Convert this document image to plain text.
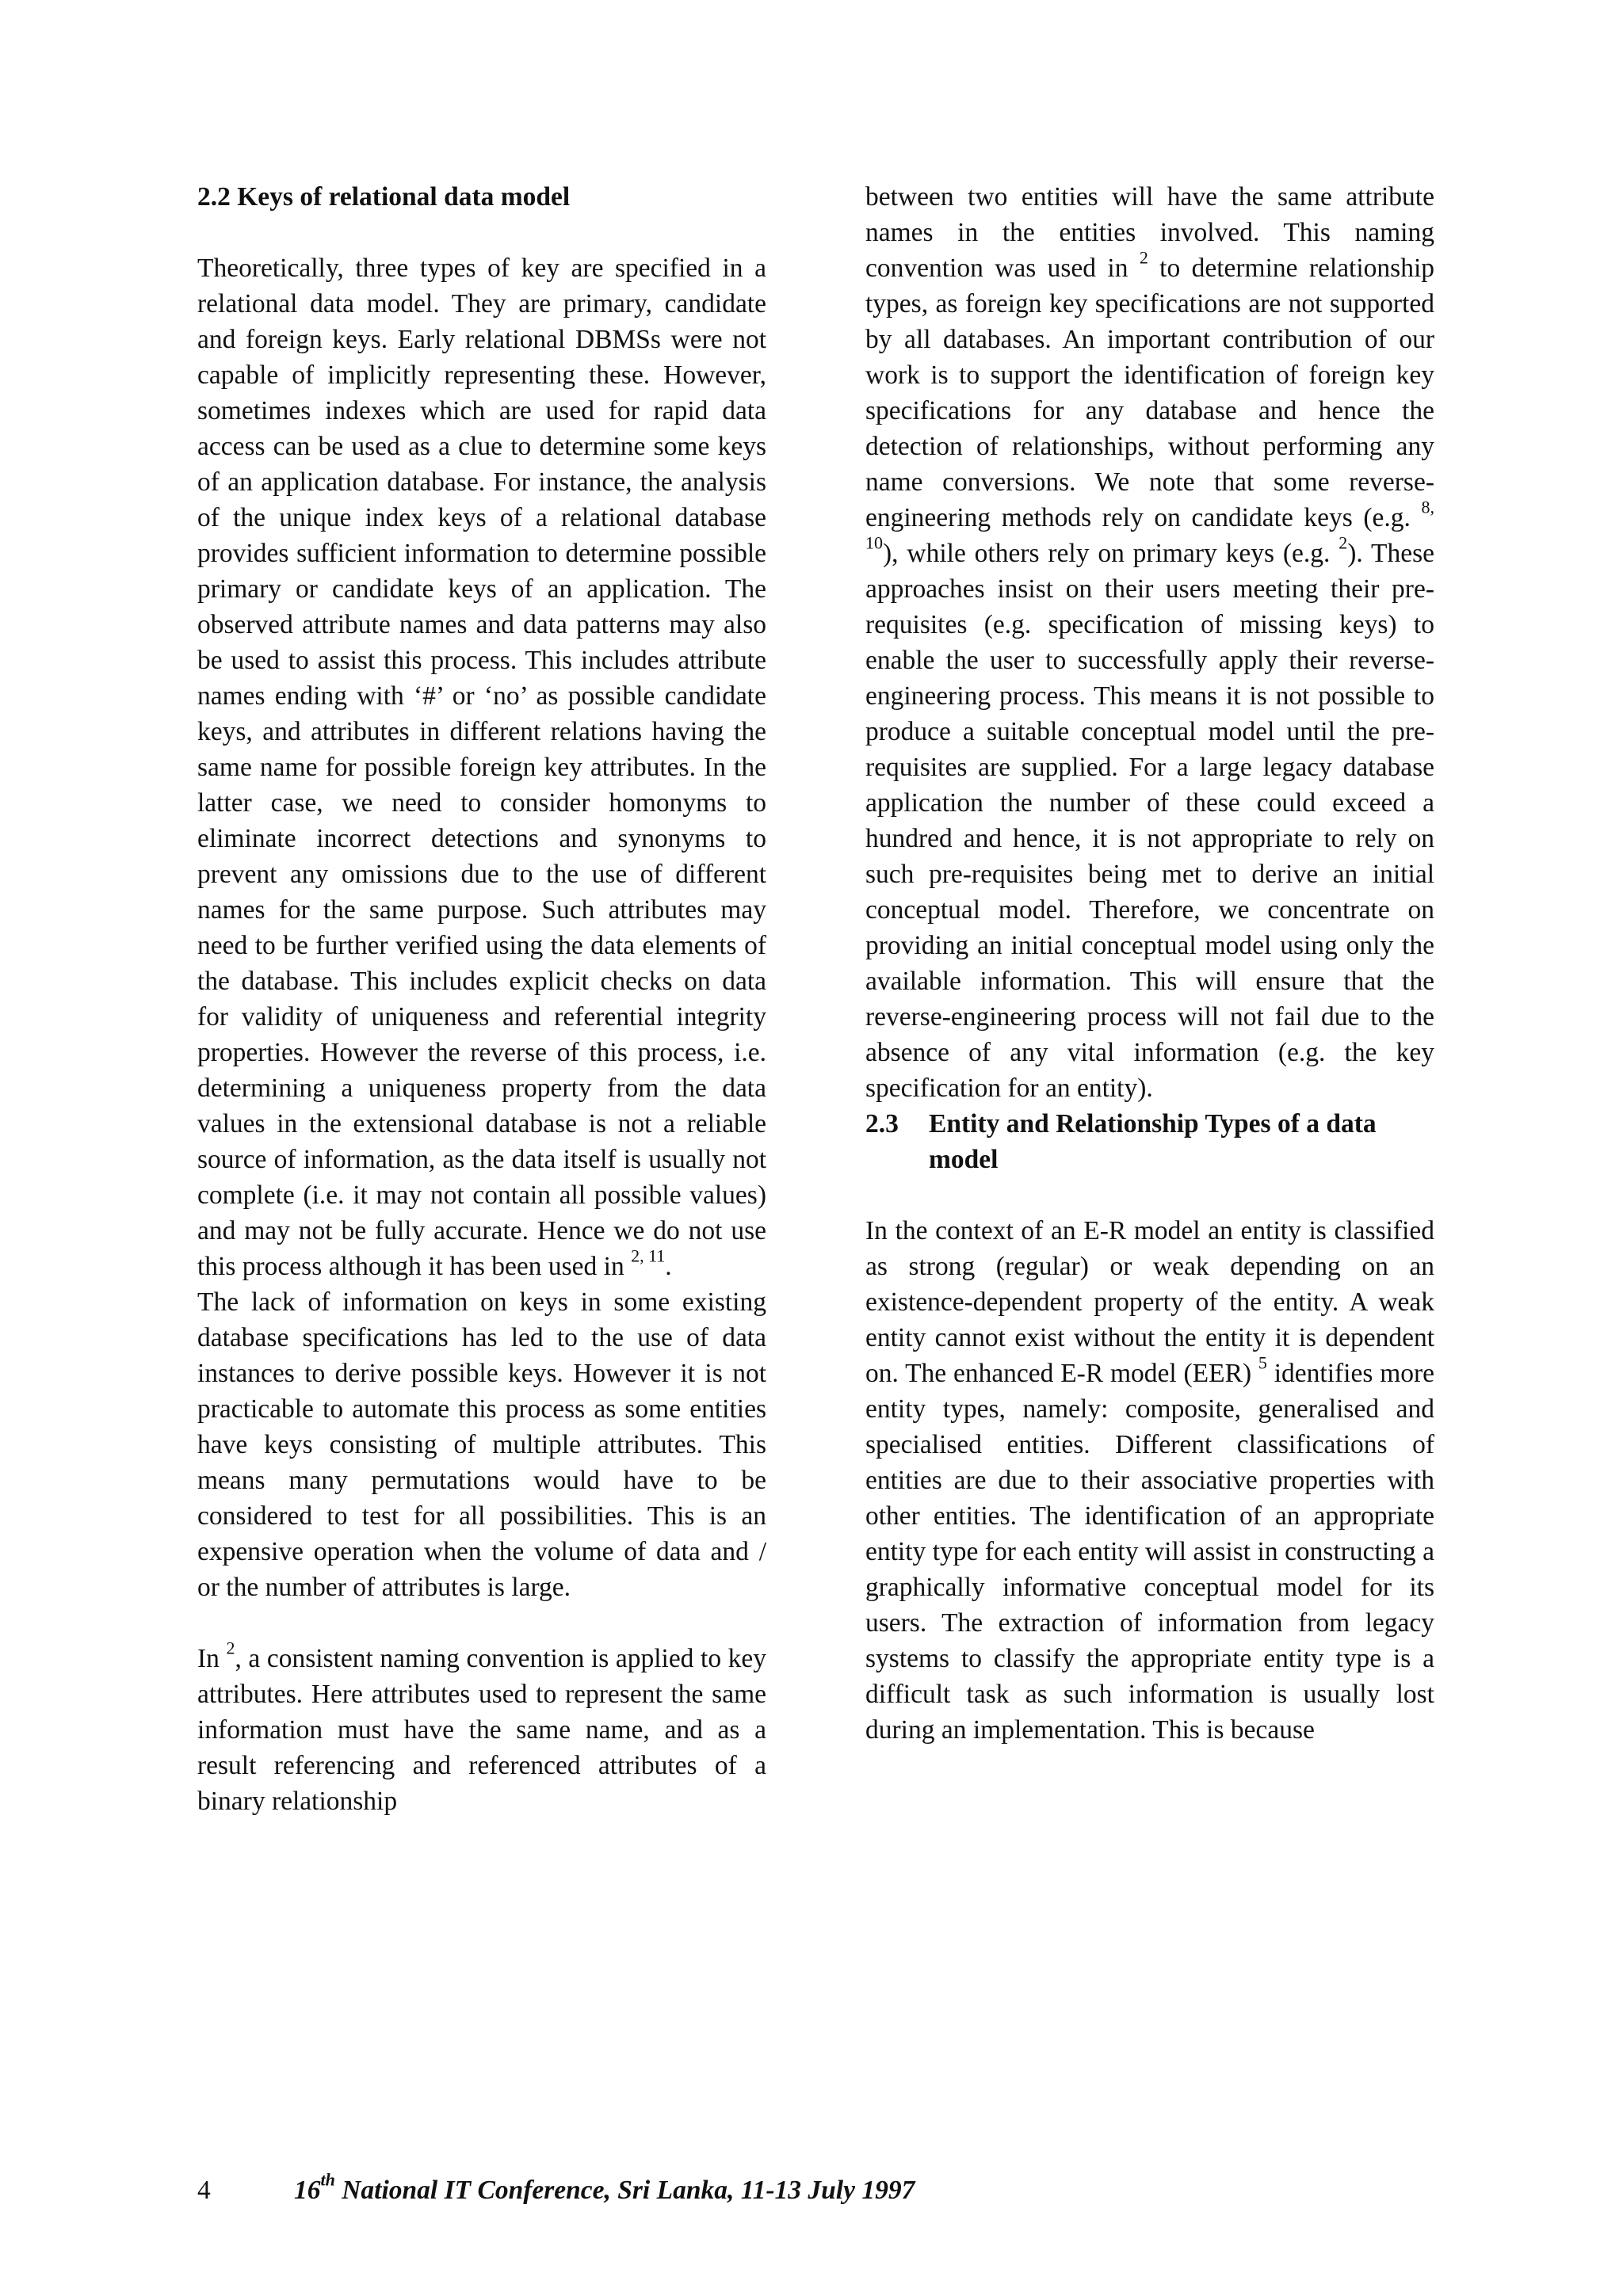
2.2 Keys of relational data model

Theoretically, three types of key are specified in a relational data model. They are primary, candidate and foreign keys. Early relational DBMSs were not capable of implicitly representing these. However, sometimes indexes which are used for rapid data access can be used as a clue to determine some keys of an application database. For instance, the analysis of the unique index keys of a relational database provides sufficient information to determine possible primary or candidate keys of an application. The observed attribute names and data patterns may also be used to assist this process. This includes attribute names ending with ‘#’ or ‘no’ as possible candidate keys, and attributes in different relations having the same name for possible foreign key attributes. In the latter case, we need to consider homonyms to eliminate incorrect detections and synonyms to prevent any omissions due to the use of different names for the same purpose. Such attributes may need to be further verified using the data elements of the database. This includes explicit checks on data for validity of uniqueness and referential integrity properties. However the reverse of this process, i.e. determining a uniqueness property from the data values in the extensional database is not a reliable source of information, as the data itself is usually not complete (i.e. it may not contain all possible values) and may not be fully accurate. Hence we do not use this process although it has been used in $^{2, 11}$.

The lack of information on keys in some existing database specifications has led to the use of data instances to derive possible keys. However it is not practicable to automate this process as some entities have keys consisting of multiple attributes. This means many permutations would have to be considered to test for all possibilities. This is an expensive operation when the volume of data and / or the number of attributes is large.

In $^2$, a consistent naming convention is applied to key attributes. Here attributes used to represent the same information must have the same name, and as a result referencing and referenced attributes of a binary relationship

between two entities will have the same attribute names in the entities involved. This naming convention was used in $^2$ to determine relationship types, as foreign key specifications are not supported by all databases. An important contribution of our work is to support the identification of foreign key specifications for any database and hence the detection of relationships, without performing any name conversions. We note that some reverse-engineering methods rely on candidate keys (e.g. $^{8, 10}$), while others rely on primary keys (e.g. $^2$). These approaches insist on their users meeting their pre-requisites (e.g. specification of missing keys) to enable the user to successfully apply their reverse-engineering process. This means it is not possible to produce a suitable conceptual model until the pre-requisites are supplied. For a large legacy database application the number of these could exceed a hundred and hence, it is not appropriate to rely on such pre-requisites being met to derive an initial conceptual model. Therefore, we concentrate on providing an initial conceptual model using only the available information. This will ensure that the reverse-engineering process will not fail due to the absence of any vital information (e.g. the key specification for an entity).

2.3	Entity and Relationship Types of a data model

In the context of an E-R model an entity is classified as strong (regular) or weak depending on an existence-dependent property of the entity. A weak entity cannot exist without the entity it is dependent on. The enhanced E-R model (EER) $^5$ identifies more entity types, namely: composite, generalised and specialised entities. Different classifications of entities are due to their associative properties with other entities. The identification of an appropriate entity type for each entity will assist in constructing a graphically informative conceptual model for its users. The extraction of information from legacy systems to classify the appropriate entity type is a difficult task as such information is usually lost during an implementation. This is because

4	16th National IT Conference, Sri Lanka, 11-13 July 1997
